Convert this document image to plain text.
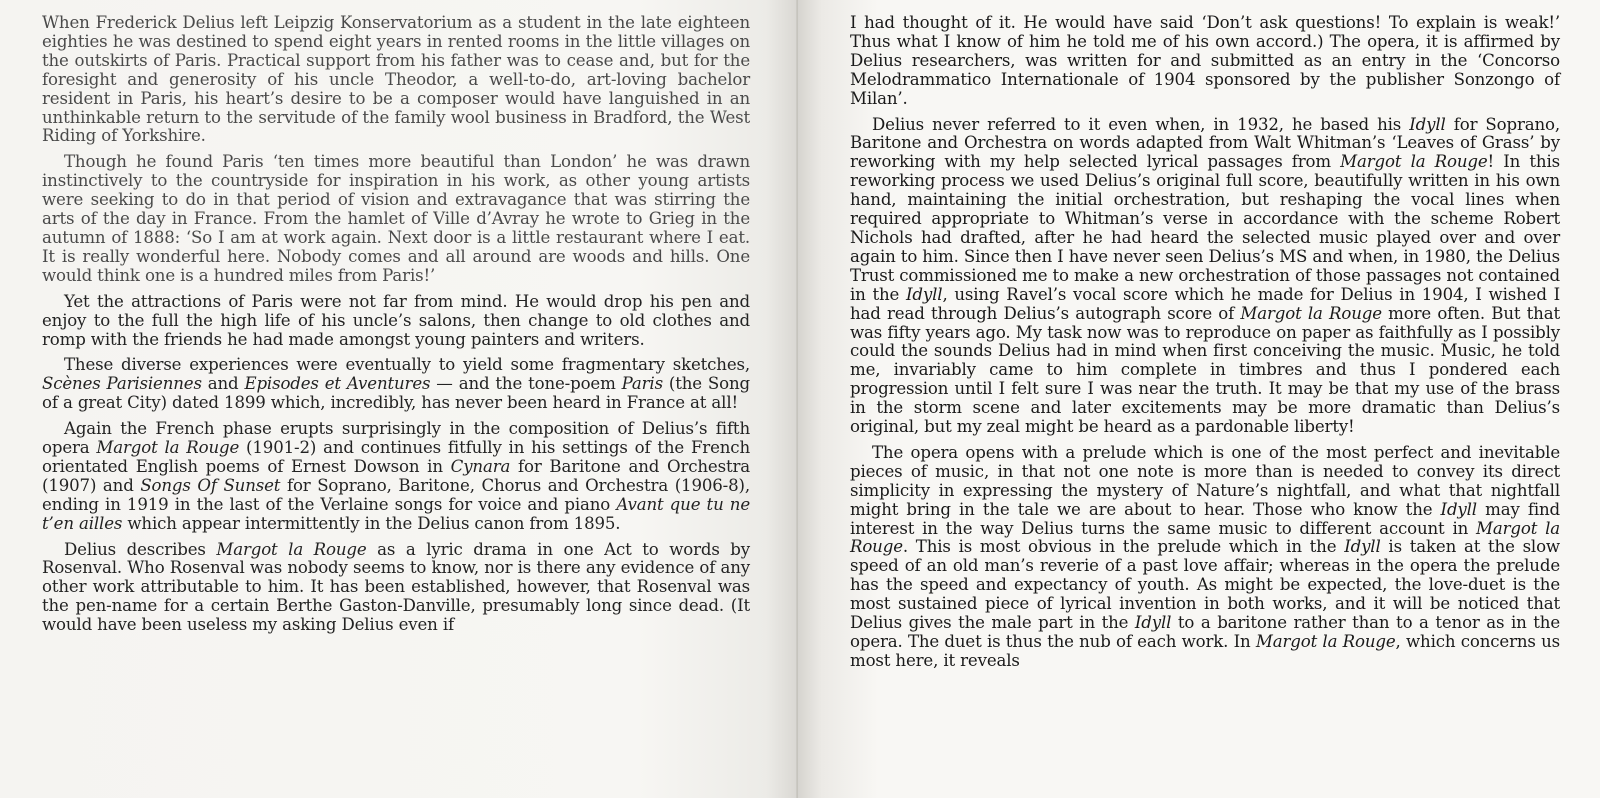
When Frederick Delius left Leipzig Konservatorium as a student in the late eighteen eighties he was destined to spend eight years in rented rooms in the little villages on the outskirts of Paris. Practical support from his father was to cease and, but for the foresight and generosity of his uncle Theodor, a well-to-do, art-loving bachelor resident in Paris, his heart’s desire to be a composer would have languished in an unthinkable return to the servitude of the family wool business in Bradford, the West Riding of Yorkshire.

Though he found Paris ‘ten times more beautiful than London’ he was drawn instinctively to the countryside for inspiration in his work, as other young artists were seeking to do in that period of vision and extravagance that was stirring the arts of the day in France. From the hamlet of Ville d’Avray he wrote to Grieg in the autumn of 1888: ‘So I am at work again. Next door is a little restaurant where I eat. It is really wonderful here. Nobody comes and all around are woods and hills. One would think one is a hundred miles from Paris!’

Yet the attractions of Paris were not far from mind. He would drop his pen and enjoy to the full the high life of his uncle’s salons, then change to old clothes and romp with the friends he had made amongst young painters and writers.

These diverse experiences were eventually to yield some fragmentary sketches, Scènes Parisiennes and Episodes et Aventures — and the tone-poem Paris (the Song of a great City) dated 1899 which, incredibly, has never been heard in France at all!

Again the French phase erupts surprisingly in the composition of Delius’s fifth opera Margot la Rouge (1901-2) and continues fitfully in his settings of the French orientated English poems of Ernest Dowson in Cynara for Baritone and Orchestra (1907) and Songs Of Sunset for Soprano, Baritone, Chorus and Orchestra (1906-8), ending in 1919 in the last of the Verlaine songs for voice and piano Avant que tu ne t’en ailles which appear intermittently in the Delius canon from 1895.

Delius describes Margot la Rouge as a lyric drama in one Act to words by Rosenval. Who Rosenval was nobody seems to know, nor is there any evidence of any other work attributable to him. It has been established, however, that Rosenval was the pen-name for a certain Berthe Gaston-Danville, presumably long since dead. (It would have been useless my asking Delius even if

I had thought of it. He would have said ‘Don’t ask questions! To explain is weak!’ Thus what I know of him he told me of his own accord.) The opera, it is affirmed by Delius researchers, was written for and submitted as an entry in the ‘Concorso Melodrammatico Internationale of 1904 sponsored by the publisher Sonzongo of Milan’.

Delius never referred to it even when, in 1932, he based his Idyll for Soprano, Baritone and Orchestra on words adapted from Walt Whitman’s ‘Leaves of Grass’ by reworking with my help selected lyrical passages from Margot la Rouge! In this reworking process we used Delius’s original full score, beautifully written in his own hand, maintaining the initial orchestration, but reshaping the vocal lines when required appropriate to Whitman’s verse in accordance with the scheme Robert Nichols had drafted, after he had heard the selected music played over and over again to him. Since then I have never seen Delius’s MS and when, in 1980, the Delius Trust commissioned me to make a new orchestration of those passages not contained in the Idyll, using Ravel’s vocal score which he made for Delius in 1904, I wished I had read through Delius’s autograph score of Margot la Rouge more often. But that was fifty years ago. My task now was to reproduce on paper as faithfully as I possibly could the sounds Delius had in mind when first conceiving the music. Music, he told me, invariably came to him complete in timbres and thus I pondered each progression until I felt sure I was near the truth. It may be that my use of the brass in the storm scene and later excitements may be more dramatic than Delius’s original, but my zeal might be heard as a pardonable liberty!

The opera opens with a prelude which is one of the most perfect and inevitable pieces of music, in that not one note is more than is needed to convey its direct simplicity in expressing the mystery of Nature’s nightfall, and what that nightfall might bring in the tale we are about to hear. Those who know the Idyll may find interest in the way Delius turns the same music to different account in Margot la Rouge. This is most obvious in the prelude which in the Idyll is taken at the slow speed of an old man’s reverie of a past love affair; whereas in the opera the prelude has the speed and expectancy of youth. As might be expected, the love-duet is the most sustained piece of lyrical invention in both works, and it will be noticed that Delius gives the male part in the Idyll to a baritone rather than to a tenor as in the opera. The duet is thus the nub of each work. In Margot la Rouge, which concerns us most here, it reveals
